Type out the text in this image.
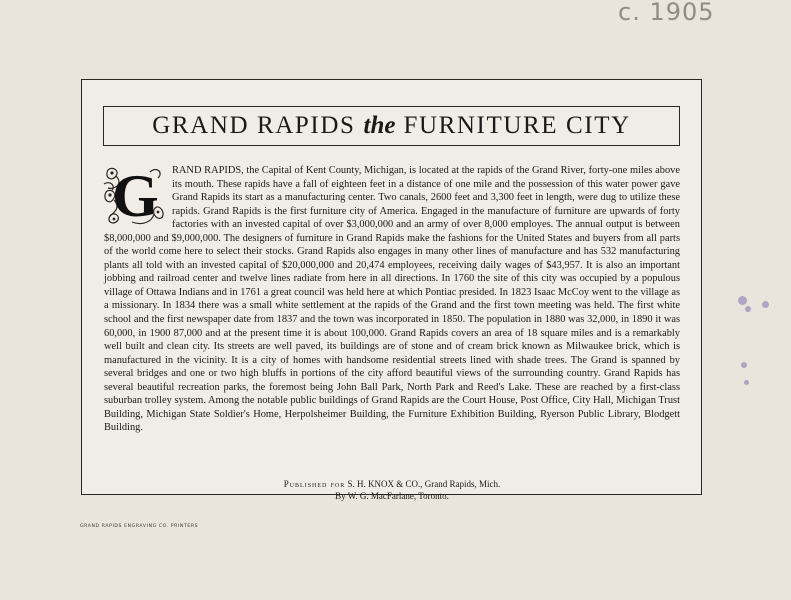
c. 1905
GRAND RAPIDS the FURNITURE CITY
G RAND RAPIDS, the Capital of Kent County, Michigan, is located at the rapids of the Grand River, forty-one miles above its mouth. These rapids have a fall of eighteen feet in a distance of one mile and the possession of this water power gave Grand Rapids its start as a manufacturing center. Two canals, 2600 feet and 3,300 feet in length, were dug to utilize these rapids. Grand Rapids is the first furniture city of America. Engaged in the manufacture of furniture are upwards of forty factories with an invested capital of over $3,000,000 and an army of over 8,000 employes. The annual output is between $8,000,000 and $9,000,000. The designers of furniture in Grand Rapids make the fashions for the United States and buyers from all parts of the world come here to select their stocks. Grand Rapids also engages in many other lines of manufacture and has 532 manufacturing plants all told with an invested capital of $20,000,000 and 20,474 employees, receiving daily wages of $43,957. It is also an important jobbing and railroad center and twelve lines radiate from here in all directions. In 1760 the site of this city was occupied by a populous village of Ottawa Indians and in 1761 a great council was held here at which Pontiac presided. In 1823 Isaac McCoy went to the village as a missionary. In 1834 there was a small white settlement at the rapids of the Grand and the first town meeting was held. The first white school and the first newspaper date from 1837 and the town was incorporated in 1850. The population in 1880 was 32,000, in 1890 it was 60,000, in 1900 87,000 and at the present time it is about 100,000. Grand Rapids covers an area of 18 square miles and is a remarkably well built and clean city. Its streets are well paved, its buildings are of stone and of cream brick known as Milwaukee brick, which is manufactured in the vicinity. It is a city of homes with handsome residential streets lined with shade trees. The Grand is spanned by several bridges and one or two high bluffs in portions of the city afford beautiful views of the surrounding country. Grand Rapids has several beautiful recreation parks, the foremost being John Ball Park, North Park and Reed's Lake. These are reached by a first-class suburban trolley system. Among the notable public buildings of Grand Rapids are the Court House, Post Office, City Hall, Michigan Trust Building, Michigan State Soldier's Home, Herpolsheimer Building, the Furniture Exhibition Building, Ryerson Public Library, Blodgett Building.
Published for S. H. KNOX & CO., Grand Rapids, Mich.
By W. G. MacFarlane, Toronto.
GRAND RAPIDS ENGRAVING CO. PRINTERS
